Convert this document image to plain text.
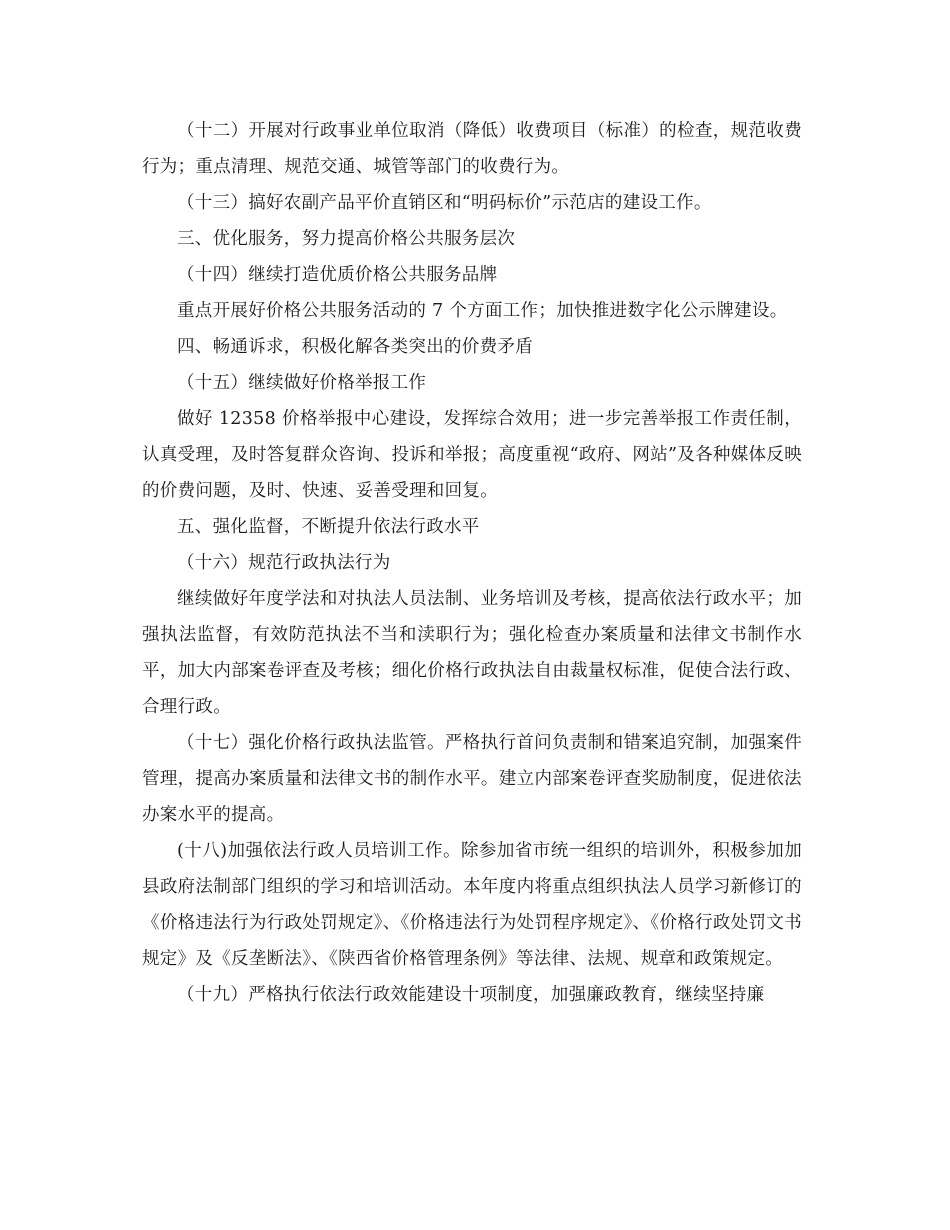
（十二）开展对行政事业单位取消（降低）收费项目（标准）的检查，规范收费行为；重点清理、规范交通、城管等部门的收费行为。

（十三）搞好农副产品平价直销区和“明码标价”示范店的建设工作。

三、优化服务，努力提高价格公共服务层次

（十四）继续打造优质价格公共服务品牌

重点开展好价格公共服务活动的 7 个方面工作；加快推进数字化公示牌建设。

四、畅通诉求，积极化解各类突出的价费矛盾

（十五）继续做好价格举报工作

做好 12358 价格举报中心建设，发挥综合效用；进一步完善举报工作责任制，认真受理，及时答复群众咨询、投诉和举报；高度重视“政府、网站”及各种媒体反映的价费问题，及时、快速、妥善受理和回复。

五、强化监督，不断提升依法行政水平

（十六）规范行政执法行为

继续做好年度学法和对执法人员法制、业务培训及考核，提高依法行政水平；加强执法监督，有效防范执法不当和渎职行为；强化检查办案质量和法律文书制作水平，加大内部案卷评查及考核；细化价格行政执法自由裁量权标准，促使合法行政、合理行政。

（十七）强化价格行政执法监管。严格执行首问负责制和错案追究制，加强案件管理，提高办案质量和法律文书的制作水平。建立内部案卷评查奖励制度，促进依法办案水平的提高。

(十八)加强依法行政人员培训工作。除参加省市统一组织的培训外，积极参加加县政府法制部门组织的学习和培训活动。本年度内将重点组织执法人员学习新修订的《价格违法行为行政处罚规定》、《价格违法行为处罚程序规定》、《价格行政处罚文书规定》及《反垄断法》、《陕西省价格管理条例》等法律、法规、规章和政策规定。

（十九）严格执行依法行政效能建设十项制度，加强廉政教育，继续坚持廉
